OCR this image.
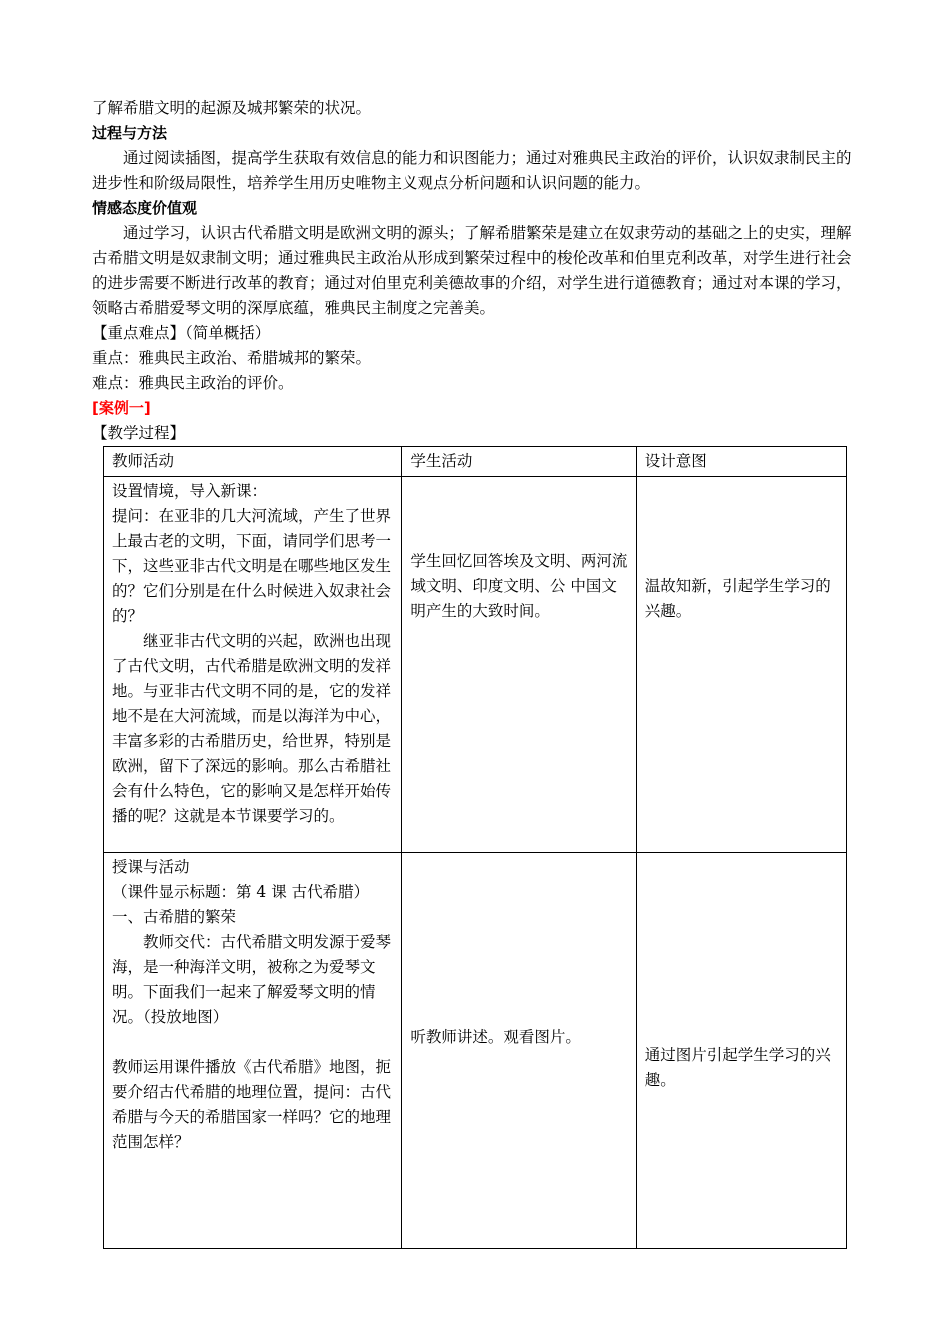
了解希腊文明的起源及城邦繁荣的状况。

过程与方法

通过阅读插图，提高学生获取有效信息的能力和识图能力；通过对雅典民主政治的评价，认识奴隶制民主的进步性和阶级局限性，培养学生用历史唯物主义观点分析问题和认识问题的能力。

情感态度价值观

通过学习，认识古代希腊文明是欧洲文明的源头；了解希腊繁荣是建立在奴隶劳动的基础之上的史实，理解古希腊文明是奴隶制文明；通过雅典民主政治从形成到繁荣过程中的梭伦改革和伯里克利改革，对学生进行社会的进步需要不断进行改革的教育；通过对伯里克利美德故事的介绍，对学生进行道德教育；通过对本课的学习，领略古希腊爱琴文明的深厚底蕴，雅典民主制度之完善美。

【重点难点】（简单概括）

重点：雅典民主政治、希腊城邦的繁荣。

难点：雅典民主政治的评价。

[案例一]

【教学过程】

教师活动	学生活动	设计意图

设置情境，导入新课：
提问：在亚非的几大河流域，产生了世界上最古老的文明，下面，请同学们思考一下，这些亚非古代文明是在哪些地区发生的？它们分别是在什么时候进入奴隶社会的？
继亚非古代文明的兴起，欧洲也出现了古代文明，古代希腊是欧洲文明的发祥地。与亚非古代文明不同的是，它的发祥地不是在大河流域，而是以海洋为中心，丰富多彩的古希腊历史，给世界，特别是欧洲，留下了深远的影响。那么古希腊社会有什么特色，它的影响又是怎样开始传播的呢？这就是本节课要学习的。	学生回忆回答埃及文明、两河流域文明、印度文明、公 中国文明产生的大致时间。	温故知新，引起学生学习的兴趣。

授课与活动
（课件显示标题：第 4 课 古代希腊）
一、古希腊的繁荣
教师交代：古代希腊文明发源于爱琴海，是一种海洋文明，被称之为爱琴文明。下面我们一起来了解爱琴文明的情况。（投放地图）
教师运用课件播放《古代希腊》地图，扼要介绍古代希腊的地理位置，提问：古代希腊与今天的希腊国家一样吗？它的地理范围怎样？	听教师讲述。观看图片。	通过图片引起学生学习的兴趣。
